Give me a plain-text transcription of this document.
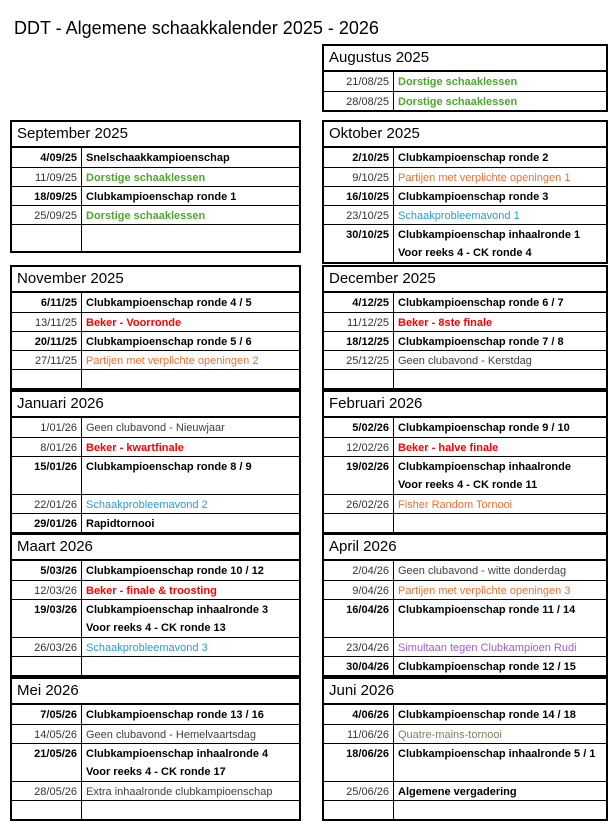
DDT - Algemene schaakkalender 2025 - 2026
Augustus 2025
21/08/25 Dorstige schaaklessen
28/08/25 Dorstige schaaklessen
September 2025
4/09/25 Snelschaakkampioenschap
11/09/25 Dorstige schaaklessen
18/09/25 Clubkampioenschap ronde 1
25/09/25 Dorstige schaaklessen
Oktober 2025
2/10/25 Clubkampioenschap ronde 2
9/10/25 Partijen met verplichte openingen 1
16/10/25 Clubkampioenschap ronde 3
23/10/25 Schaakprobleemavond 1
30/10/25 Clubkampioenschap inhaalronde 1
Voor reeks 4 - CK ronde 4
November 2025
6/11/25 Clubkampioenschap ronde 4 / 5
13/11/25 Beker - Voorronde
20/11/25 Clubkampioenschap ronde 5 / 6
27/11/25 Partijen met verplichte openingen 2
December 2025
4/12/25 Clubkampioenschap ronde 6 / 7
11/12/25 Beker - 8ste finale
18/12/25 Clubkampioenschap ronde 7 / 8
25/12/25 Geen clubavond - Kerstdag
Januari 2026
1/01/26 Geen clubavond - Nieuwjaar
8/01/26 Beker - kwartfinale
15/01/26 Clubkampioenschap ronde 8 / 9
22/01/26 Schaakprobleemavond 2
29/01/26 Rapidtornooi
Februari 2026
5/02/26 Clubkampioenschap ronde 9 / 10
12/02/26 Beker - halve finale
19/02/26 Clubkampioenschap inhaalronde
Voor reeks 4 - CK ronde 11
26/02/26 Fisher Random Tornooi
Maart 2026
5/03/26 Clubkampioenschap ronde 10 / 12
12/03/26 Beker - finale & troosting
19/03/26 Clubkampioenschap inhaalronde 3
Voor reeks 4 - CK ronde 13
26/03/26 Schaakprobleemavond 3
April 2026
2/04/26 Geen clubavond - witte donderdag
9/04/26 Partijen met verplichte openingen 3
16/04/26 Clubkampioenschap ronde 11 / 14
23/04/26 Simultaan tegen Clubkampioen Rudi
30/04/26 Clubkampioenschap ronde 12 / 15
Mei 2026
7/05/26 Clubkampioenschap ronde 13 / 16
14/05/26 Geen clubavond - Hemelvaartsdag
21/05/26 Clubkampioenschap inhaalronde 4
Voor reeks 4 - CK ronde 17
28/05/26 Extra inhaalronde clubkampioenschap
Juni 2026
4/06/26 Clubkampioenschap ronde 14 / 18
11/06/26 Quatre-mains-tornooi
18/06/26 Clubkampioenschap inhaalronde 5 / 1
25/06/26 Algemene vergadering
